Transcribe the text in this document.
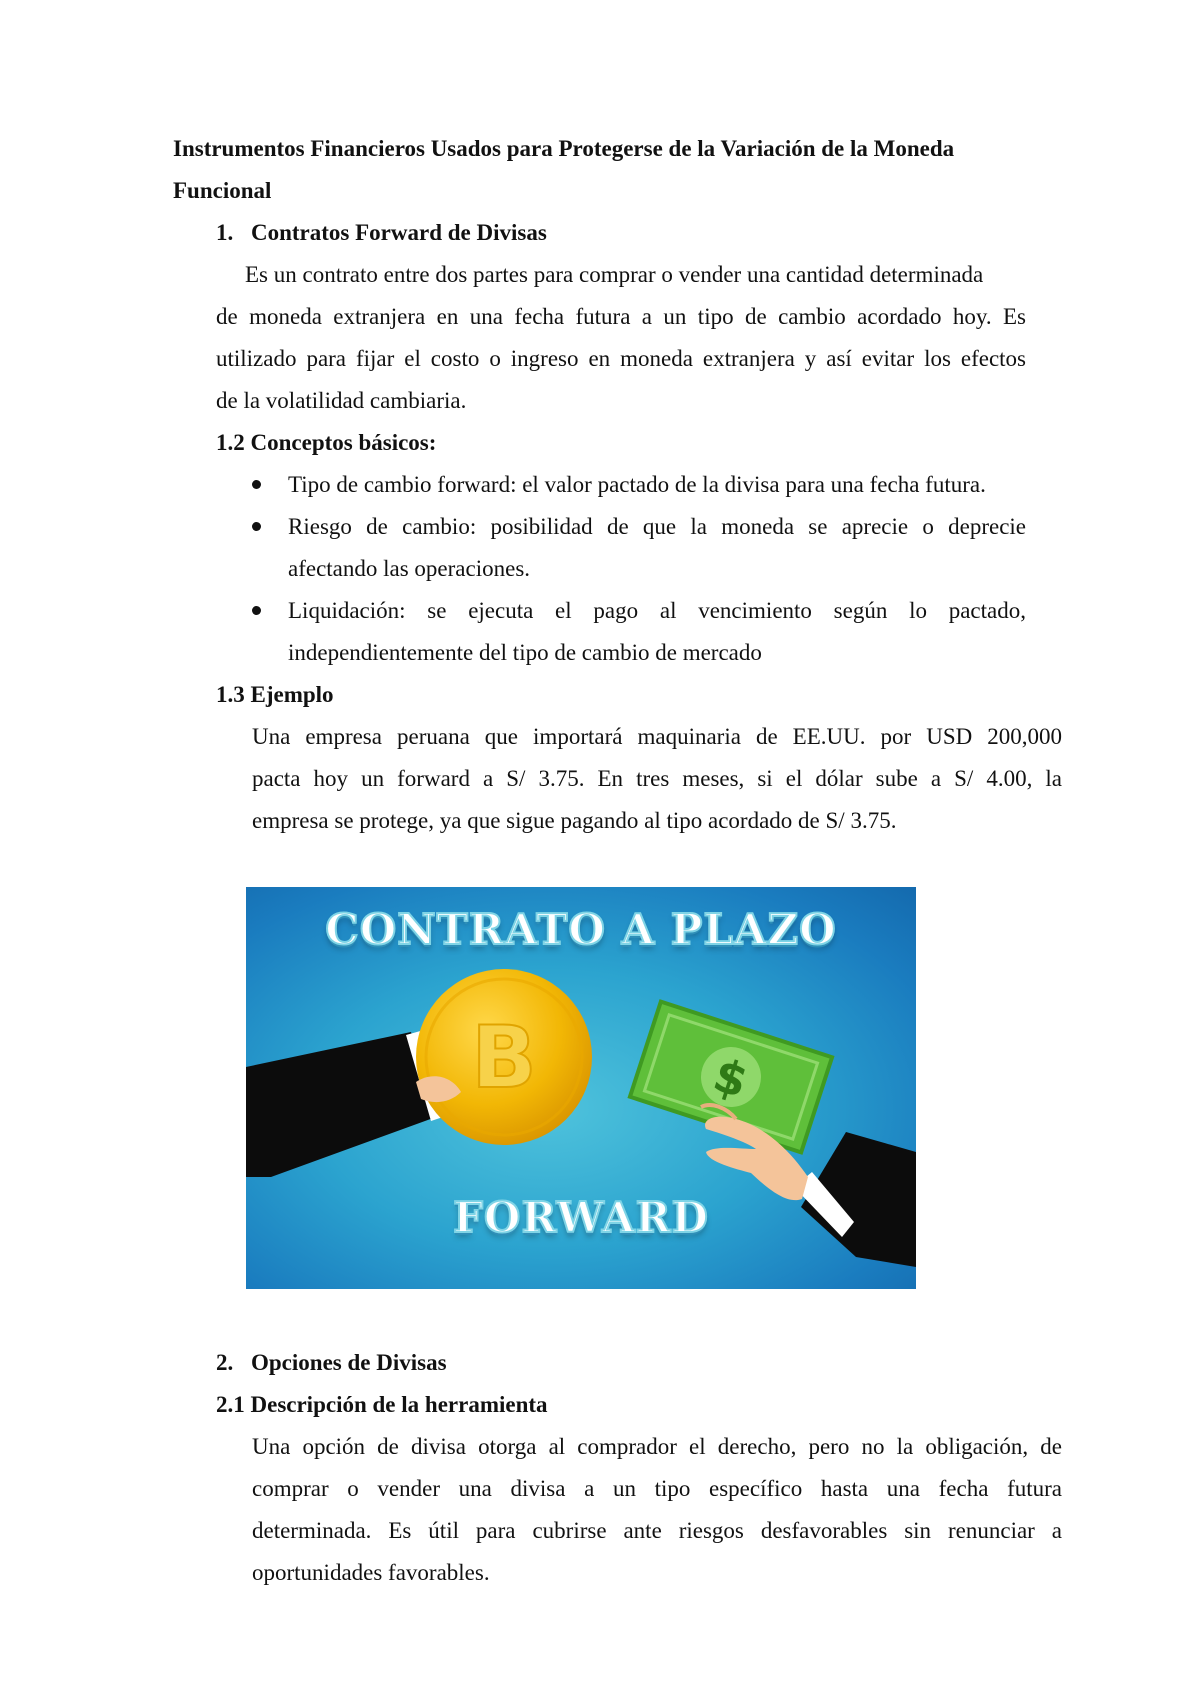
Instrumentos Financieros Usados para Protegerse de la Variación de la Moneda
Funcional
1. Contratos Forward de Divisas
Es un contrato entre dos partes para comprar o vender una cantidad determinada
de moneda extranjera en una fecha futura a un tipo de cambio acordado hoy. Es
utilizado para fijar el costo o ingreso en moneda extranjera y así evitar los efectos
de la volatilidad cambiaria.
1.2 Conceptos básicos:
Tipo de cambio forward: el valor pactado de la divisa para una fecha futura.
Riesgo de cambio: posibilidad de que la moneda se aprecie o deprecie
afectando las operaciones.
Liquidación: se ejecuta el pago al vencimiento según lo pactado,
independientemente del tipo de cambio de mercado
1.3 Ejemplo
Una empresa peruana que importará maquinaria de EE.UU. por USD 200,000
pacta hoy un forward a S/ 3.75. En tres meses, si el dólar sube a S/ 4.00, la
empresa se protege, ya que sigue pagando al tipo acordado de S/ 3.75.
B	$
CONTRATO A PLAZO
FORWARD
2. Opciones de Divisas
2.1 Descripción de la herramienta
Una opción de divisa otorga al comprador el derecho, pero no la obligación, de
comprar o vender una divisa a un tipo específico hasta una fecha futura
determinada. Es útil para cubrirse ante riesgos desfavorables sin renunciar a
oportunidades favorables.
